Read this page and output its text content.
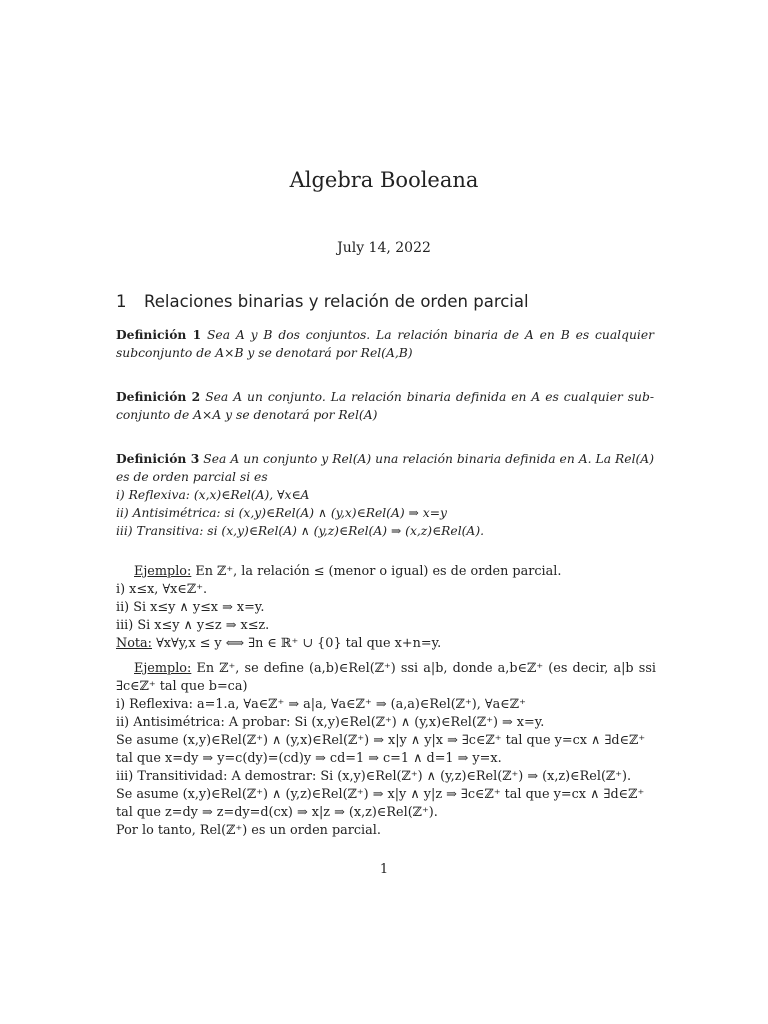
Algebra Booleana
July 14, 2022
1 Relaciones binarias y relación de orden parcial
Definición 1 Sea A y B dos conjuntos. La relación binaria de A en B es cualquier
subconjunto de A×B y se denotará por Rel(A,B)
Definición 2 Sea A un conjunto. La relación binaria definida en A es cualquier sub-
conjunto de A×A y se denotará por Rel(A)
Definición 3 Sea A un conjunto y Rel(A) una relación binaria definida en A. La Rel(A)
es de orden parcial si es
i) Reflexiva: (x,x)∈Rel(A), ∀x∈A
ii) Antisimétrica: si (x,y)∈Rel(A) ∧ (y,x)∈Rel(A) ⇒ x=y
iii) Transitiva: si (x,y)∈Rel(A) ∧ (y,z)∈Rel(A) ⇒ (x,z)∈Rel(A).
Ejemplo: En ℤ⁺, la relación ≤ (menor o igual) es de orden parcial.
i) x≤x, ∀x∈ℤ⁺.
ii) Si x≤y ∧ y≤x ⇒ x=y.
iii) Si x≤y ∧ y≤z ⇒ x≤z.
Nota: ∀x∀y,x ≤ y ⟺ ∃n ∈ ℝ⁺ ∪ {0} tal que x+n=y.
Ejemplo: En ℤ⁺, se define (a,b)∈Rel(ℤ⁺) ssi a|b, donde a,b∈ℤ⁺ (es decir, a|b ssi
∃c∈ℤ⁺ tal que b=ca)
i) Reflexiva: a=1.a, ∀a∈ℤ⁺ ⇒ a|a, ∀a∈ℤ⁺ ⇒ (a,a)∈Rel(ℤ⁺), ∀a∈ℤ⁺
ii) Antisimétrica: A probar: Si (x,y)∈Rel(ℤ⁺) ∧ (y,x)∈Rel(ℤ⁺) ⇒ x=y.
Se asume (x,y)∈Rel(ℤ⁺) ∧ (y,x)∈Rel(ℤ⁺) ⇒ x|y ∧ y|x ⇒ ∃c∈ℤ⁺ tal que y=cx ∧ ∃d∈ℤ⁺
tal que x=dy ⇒ y=c(dy)=(cd)y ⇒ cd=1 ⇒ c=1 ∧ d=1 ⇒ y=x.
iii) Transitividad: A demostrar: Si (x,y)∈Rel(ℤ⁺) ∧ (y,z)∈Rel(ℤ⁺) ⇒ (x,z)∈Rel(ℤ⁺).
Se asume (x,y)∈Rel(ℤ⁺) ∧ (y,z)∈Rel(ℤ⁺) ⇒ x|y ∧ y|z ⇒ ∃c∈ℤ⁺ tal que y=cx ∧ ∃d∈ℤ⁺
tal que z=dy ⇒ z=dy=d(cx) ⇒ x|z ⇒ (x,z)∈Rel(ℤ⁺).
Por lo tanto, Rel(ℤ⁺) es un orden parcial.
1
